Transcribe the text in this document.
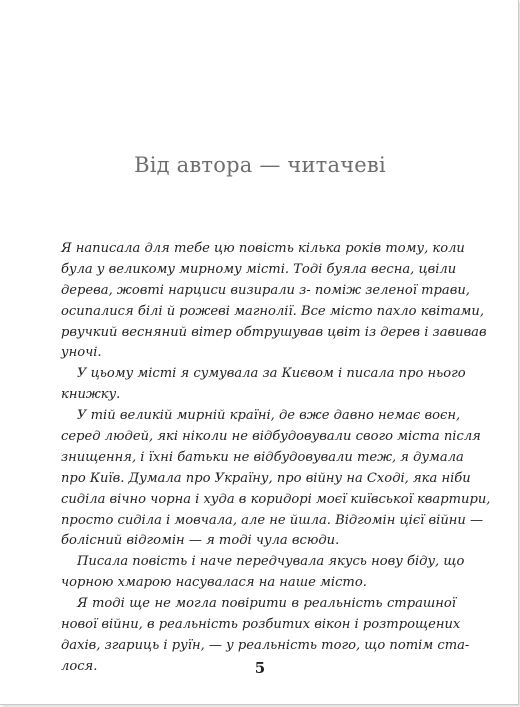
Від автора — читачеві
Я написала для тебе цю повість кілька років тому, коли
була у великому мирному місті. Тоді буяла весна, цвіли
дерева, жовті нарциси визирали з- поміж зеленої трави,
осипалися білі й рожеві магнолії. Все місто пахло квітами,
рвучкий весняний вітер обтрушував цвіт із дерев і завивав
уночі.
У цьому місті я сумувала за Києвом і писала про нього
книжку.
У тій великій мирній країні, де вже давно немає воєн,
серед людей, які ніколи не відбудовували свого міста після
знищення, і їхні батьки не відбудовували теж, я думала
про Київ. Думала про Україну, про війну на Сході, яка ніби
сиділа вічно чорна і худа в коридорі моєї київської квартири,
просто сиділа і мовчала, але не йшла. Відгомін цієї війни —
болісний відгомін — я тоді чула всюди.
Писала повість і наче передчувала якусь нову біду, що
чорною хмарою насувалася на наше місто.
Я тоді ще не могла повірити в реальність страшної
нової війни, в реальність розбитих вікон і розтрощених
дахів, згариць і руїн, — у реальність того, що потім ста-
лося.	5
